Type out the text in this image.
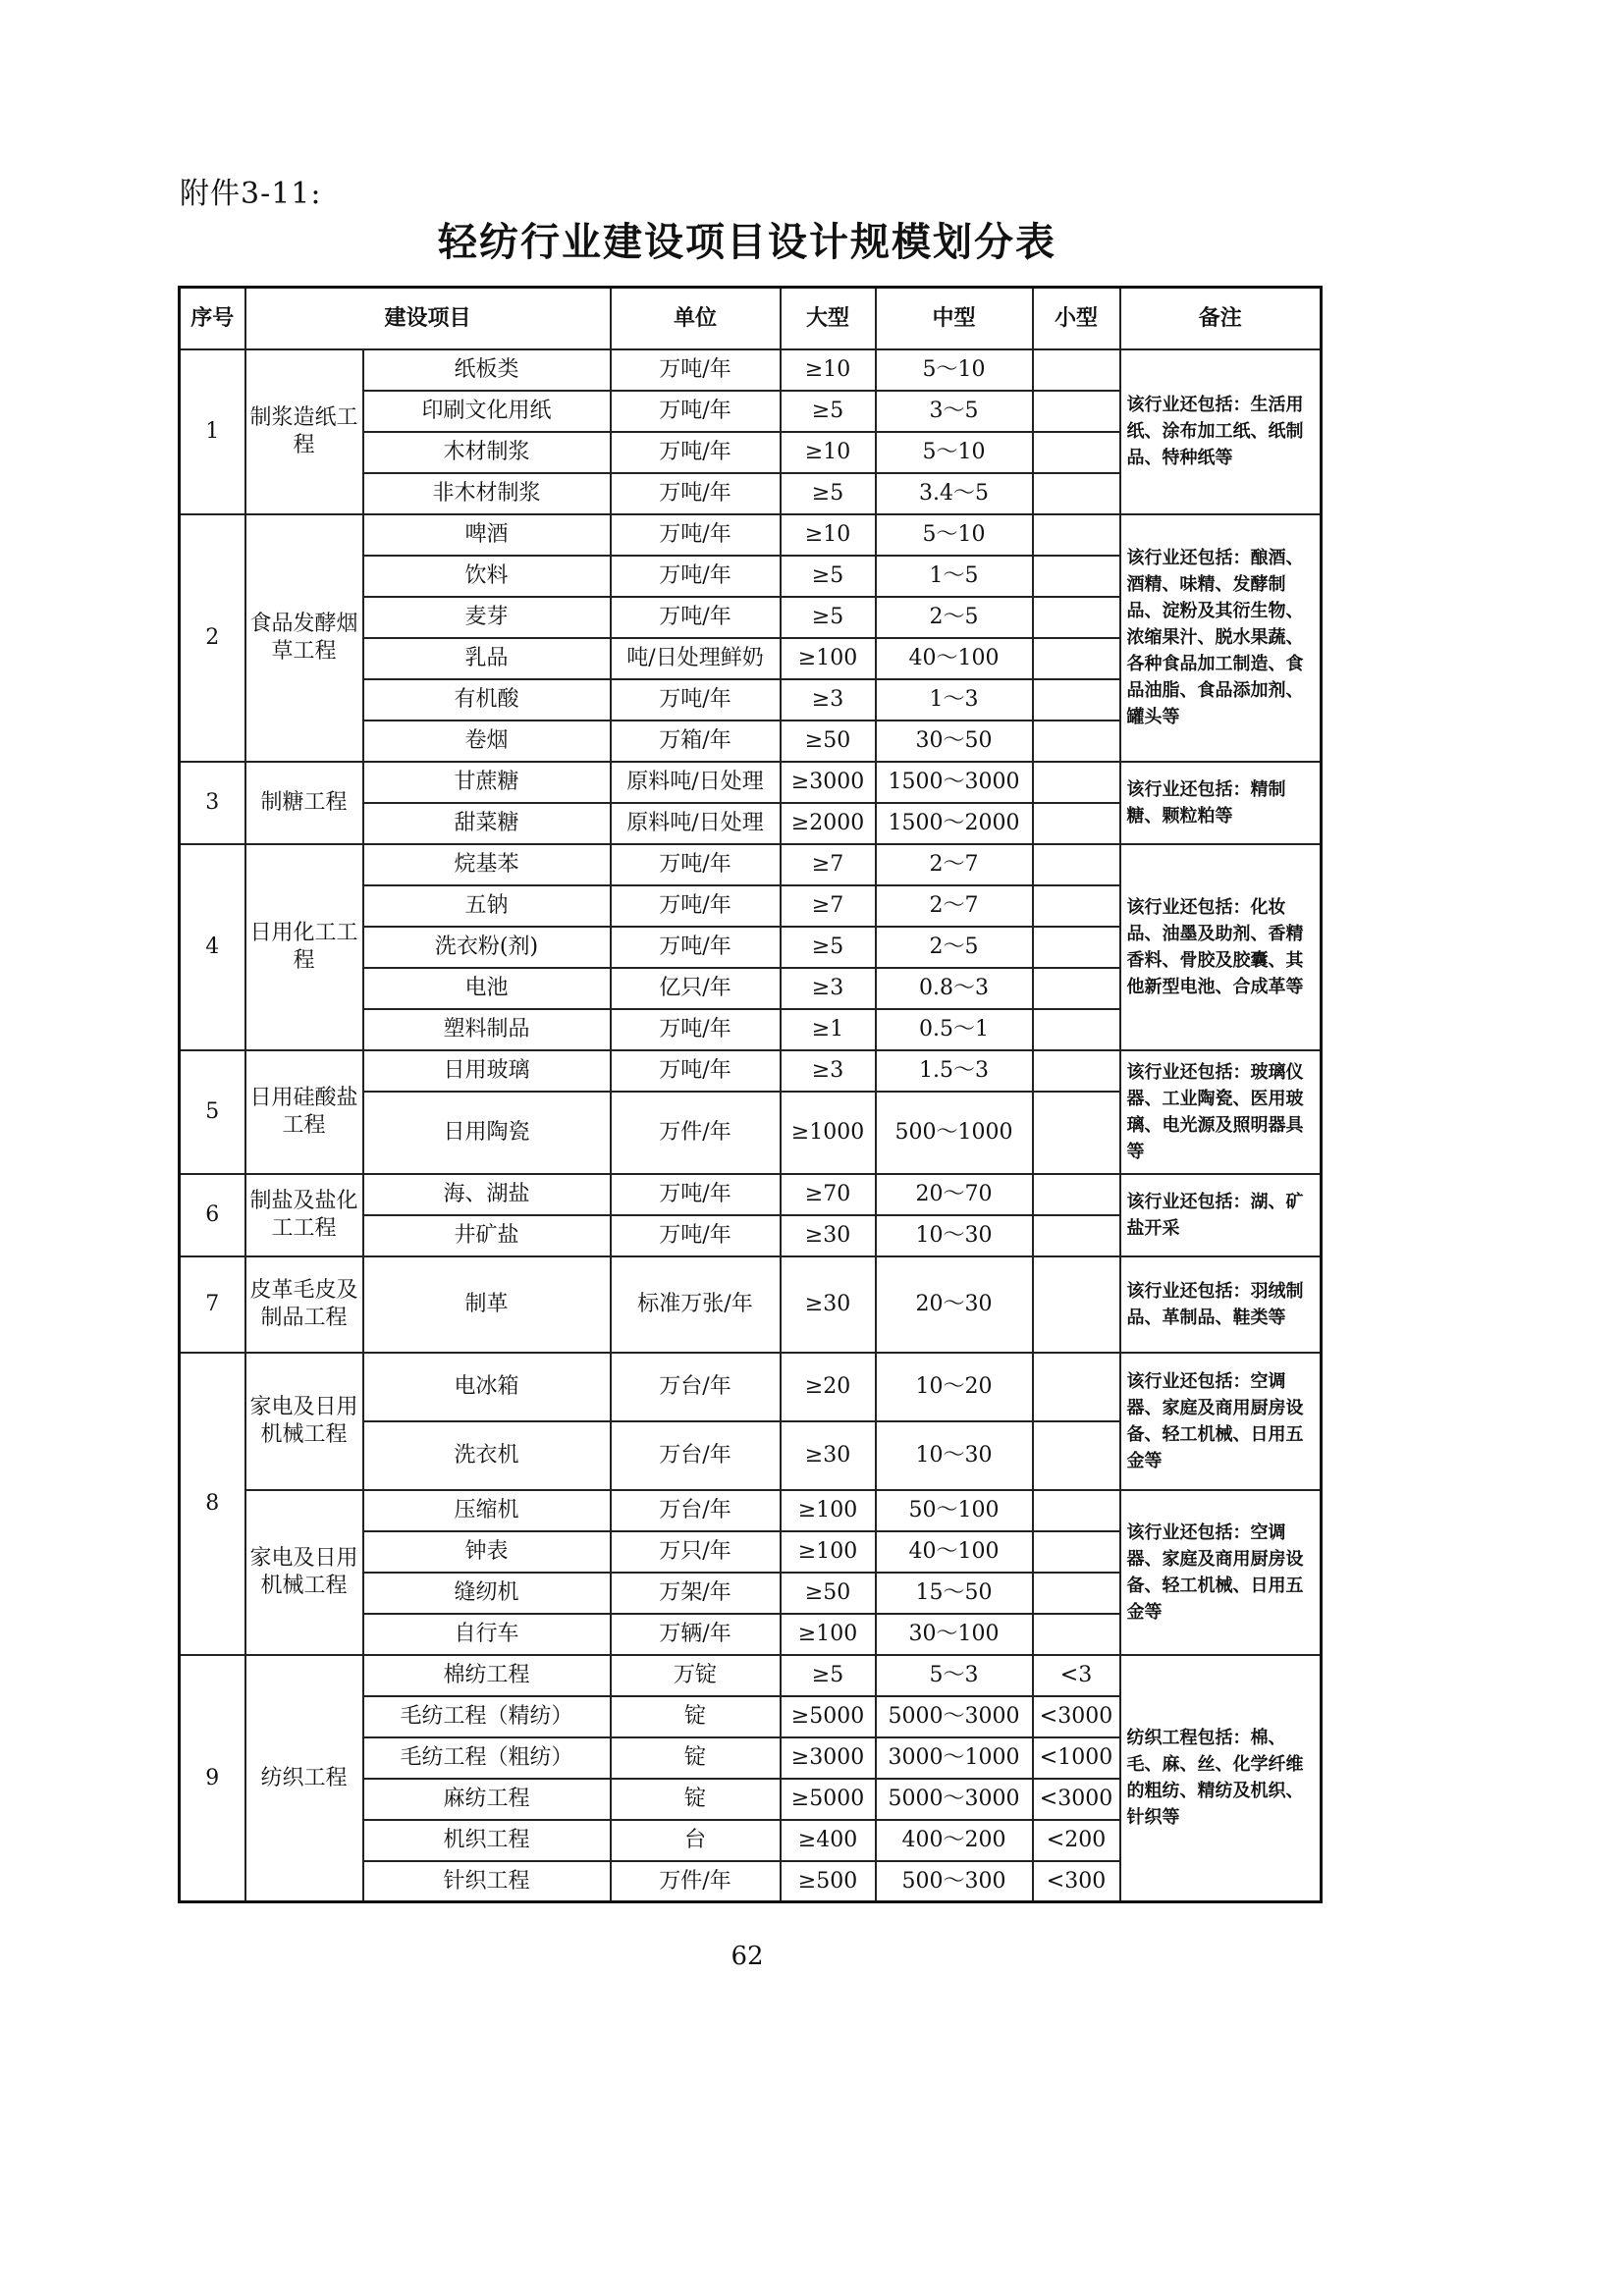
附件3-11:
轻纺行业建设项目设计规模划分表
序号	建设项目		单位	大型	中型	小型	备注
1	制浆造纸工程	纸板类	万吨/年	≥10	5～10		该行业还包括：生活用纸、涂布加工纸、纸制品、特种纸等
		印刷文化用纸	万吨/年	≥5	3～5		
		木材制浆	万吨/年	≥10	5～10		
		非木材制浆	万吨/年	≥5	3.4～5		
2	食品发酵烟草工程	啤酒	万吨/年	≥10	5～10		该行业还包括：酿酒、酒精、味精、发酵制品、淀粉及其衍生物、浓缩果汁、脱水果蔬、各种食品加工制造、食品油脂、食品添加剂、罐头等
		饮料	万吨/年	≥5	1～5		
		麦芽	万吨/年	≥5	2～5		
		乳品	吨/日处理鲜奶	≥100	40～100		
		有机酸	万吨/年	≥3	1～3		
		卷烟	万箱/年	≥50	30～50		
3	制糖工程	甘蔗糖	原料吨/日处理	≥3000	1500～3000		该行业还包括：精制糖、颗粒粕等
		甜菜糖	原料吨/日处理	≥2000	1500～2000		
4	日用化工工程	烷基苯	万吨/年	≥7	2～7		该行业还包括：化妆品、油墨及助剂、香精香料、骨胶及胶囊、其他新型电池、合成革等
		五钠	万吨/年	≥7	2～7		
		洗衣粉(剂)	万吨/年	≥5	2～5		
		电池	亿只/年	≥3	0.8～3		
		塑料制品	万吨/年	≥1	0.5～1		
5	日用硅酸盐工程	日用玻璃	万吨/年	≥3	1.5～3		该行业还包括：玻璃仪器、工业陶瓷、医用玻璃、电光源及照明器具等
		日用陶瓷	万件/年	≥1000	500～1000		
6	制盐及盐化工工程	海、湖盐	万吨/年	≥70	20～70		该行业还包括：湖、矿盐开采
		井矿盐	万吨/年	≥30	10～30		
7	皮革毛皮及制品工程	制革	标准万张/年	≥30	20～30		该行业还包括：羽绒制品、革制品、鞋类等
8	家电及日用机械工程	电冰箱	万台/年	≥20	10～20		该行业还包括：空调器、家庭及商用厨房设备、轻工机械、日用五金等
		洗衣机	万台/年	≥30	10～30		
	家电及日用机械工程	压缩机	万台/年	≥100	50～100		该行业还包括：空调器、家庭及商用厨房设备、轻工机械、日用五金等
		钟表	万只/年	≥100	40～100		
		缝纫机	万架/年	≥50	15～50		
		自行车	万辆/年	≥100	30～100		
9	纺织工程	棉纺工程	万锭	≥5	5～3	<3	纺织工程包括：棉、毛、麻、丝、化学纤维的粗纺、精纺及机织、针织等
		毛纺工程（精纺）	锭	≥5000	5000～3000	<3000	
		毛纺工程（粗纺）	锭	≥3000	3000～1000	<1000	
		麻纺工程	锭	≥5000	5000～3000	<3000	
		机织工程	台	≥400	400～200	<200	
		针织工程	万件/年	≥500	500～300	<300	
62
